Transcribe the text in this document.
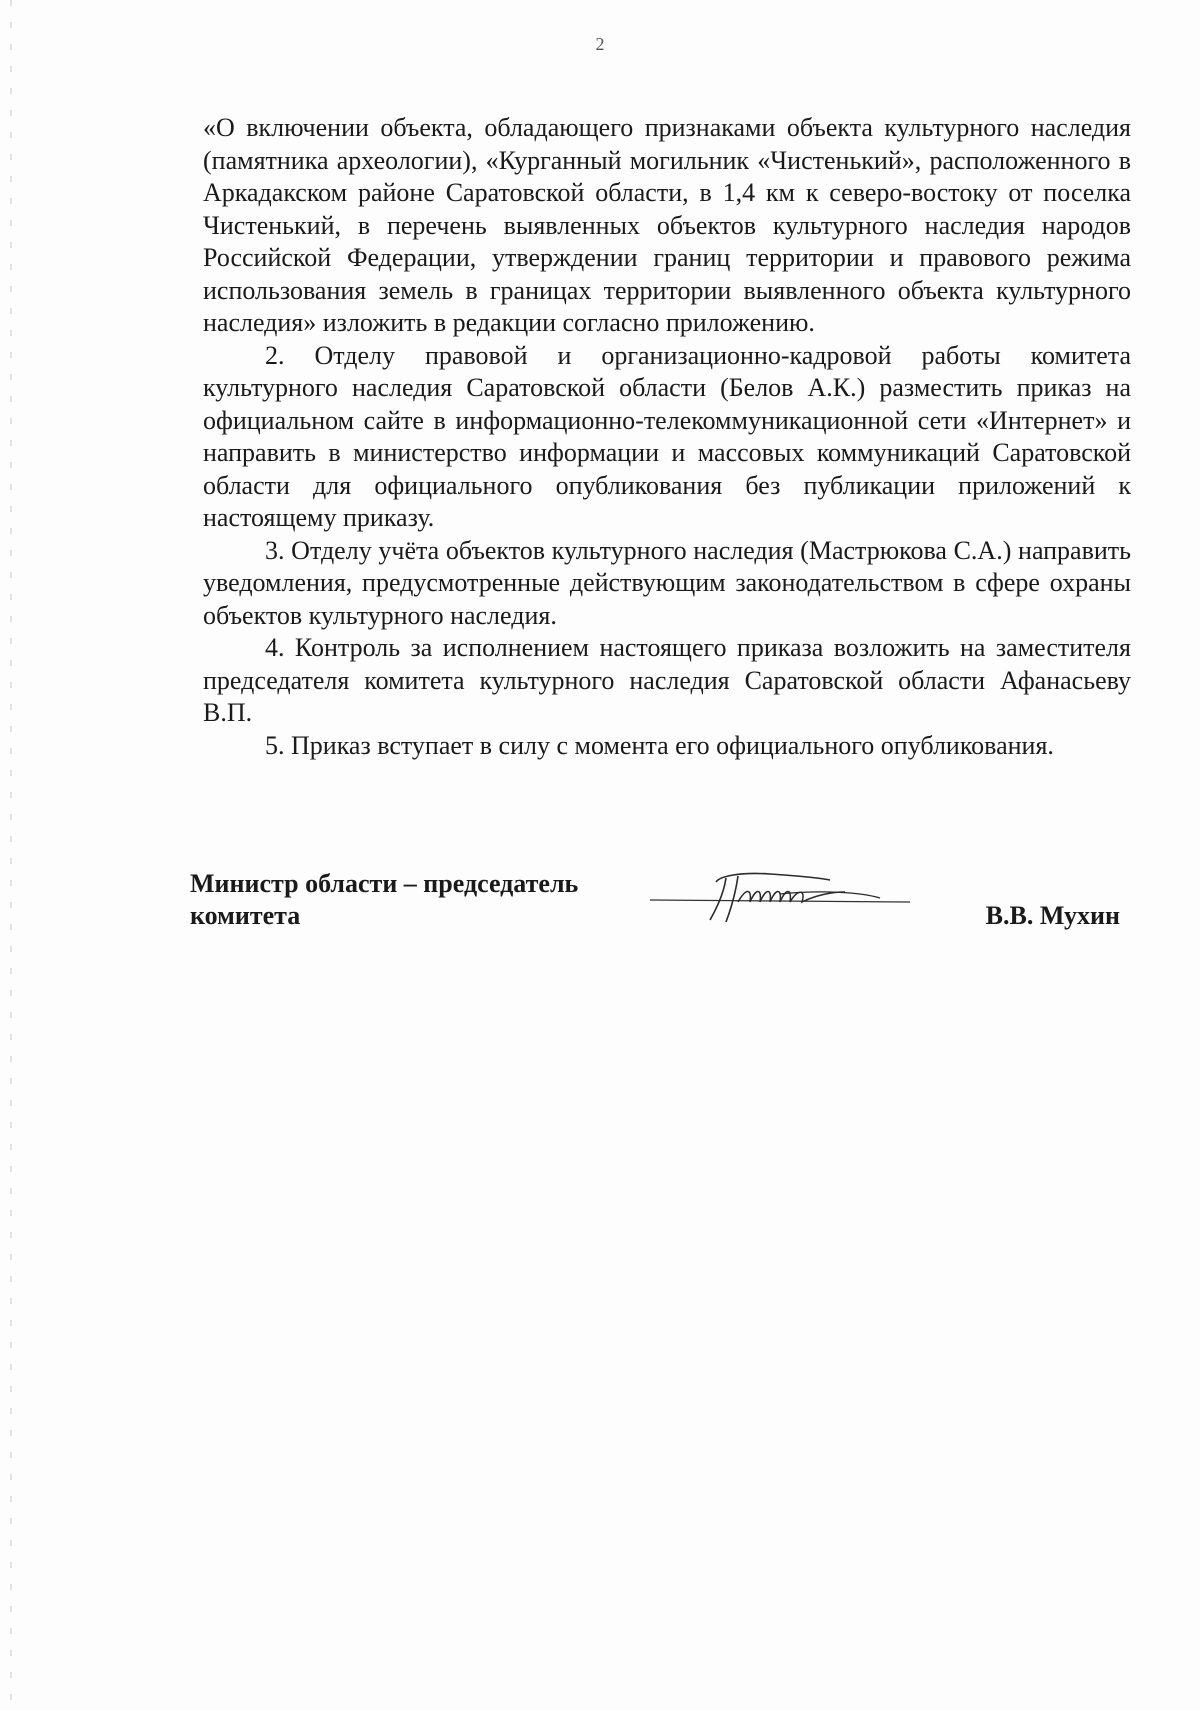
2

«О включении объекта, обладающего признаками объекта культурного наследия (памятника археологии), «Курганный могильник «Чистенький», расположенного в Аркадакском районе Саратовской области, в 1,4 км к северо-востоку от поселка Чистенький, в перечень выявленных объектов культурного наследия народов Российской Федерации, утверждении границ территории и правового режима использования земель в границах территории выявленного объекта культурного наследия» изложить в редакции согласно приложению.

2. Отделу правовой и организационно-кадровой работы комитета культурного наследия Саратовской области (Белов А.К.) разместить приказ на официальном сайте в информационно-телекоммуникационной сети «Интернет» и направить в министерство информации и массовых коммуникаций Саратовской области для официального опубликования без публикации приложений к настоящему приказу.

3. Отделу учёта объектов культурного наследия (Мастрюкова С.А.) направить уведомления, предусмотренные действующим законодательством в сфере охраны объектов культурного наследия.

4. Контроль за исполнением настоящего приказа возложить на заместителя председателя комитета культурного наследия Саратовской области Афанасьеву В.П.

5. Приказ вступает в силу с момента его официального опубликования.

Министр области – председатель
комитета	В.В. Мухин
